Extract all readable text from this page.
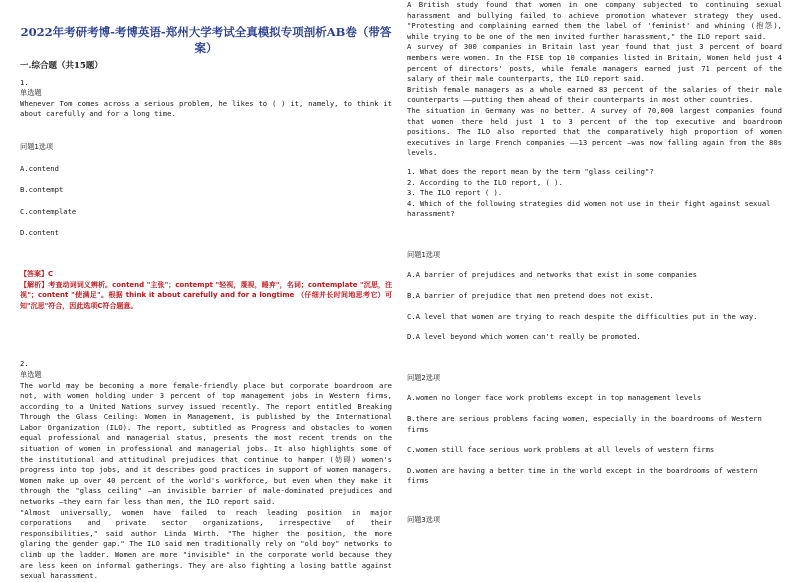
2022年考研考博-考博英语-郑州大学考试全真模拟专项剖析AB卷（带答案）
一.综合题（共15题）
1.
单选题
Whenever Tom comes across a serious problem, he likes to ( ) it, namely, to think it about carefully and for a long time.
问题1选项
A.contend
B.contempt
C.contemplate
D.content
【答案】C
【解析】考查动词词义辨析。contend "主张"；contempt "轻视，蔑视，睡弃"，名词；contemplate "沉思，注视"；content "使满足"。根据 think it about carefully and for a longtime （仔细并长时间地思考它）可知"沉思"符合，因此选项C符合题意。
2.
单选题
The world may be becoming a more female-friendly place but corporate boardroom are not, with women holding under 3 percent of top management jobs in Western firms, according to a United Nations survey issued recently. The report entitled Breaking Through the Glass Ceiling: Women in Management, is published by the International Labor Organization (ILO). The report, subtitled as Progress and obstacles to women equal professional and managerial status, presents the most recent trends on the situation of women in professional and managerial jobs. It also highlights some of the institutional and attitudinal prejudices that continue to hamper (妨碍) women's progress into top jobs, and it describes good practices in support of women managers. Women make up over 40 percent of the world's workforce, but even when they make it through the "glass ceiling" —an invisible barrier of male-dominated prejudices and networks —they earn far less than men, the ILO report said.
"Almost universally, women have failed to reach leading position in major corporations and private sector organizations, irrespective of their responsibilities," said author Linda Wirth. "The higher the position, the more glaring the gender gap." The ILO said men traditionally rely on "old boy" networks to climb up the ladder. Women are more "invisible" in the corporate world because they are less keen on informal gatherings. They are also fighting a losing battle against sexual harassment.
A British study found that women in one company subjected to continuing sexual harassment and bullying failed to achieve promotion whatever strategy they used. "Protesting and complaining earned them the label of 'feminist' and whining (抱怨), while trying to be one of the men invited further harassment," the ILO report said.
A survey of 300 companies in Britain last year found that just 3 percent of board members were women. In the FISE top 10 companies listed in Britain, Women held just 4 percent of directors' posts, while female managers earned just 71 percent of the salary of their male counterparts, the ILO report said.
British female managers as a whole earned 83 percent of the salaries of their male counterparts ——putting them ahead of their counterparts in most other countries.
The situation in Germany was no better. A survey of 70,000 largest companies found that women there held just 1 to 3 percent of the top executive and boardroom positions. The ILO also reported that the comparatively high proportion of women executives in large French companies ——13 percent —was now falling again from the 80s levels.
1. What does the report mean by the term "glass ceiling"?
2. According to the ILO report, ( ).
3. The ILO report ( ).
4. Which of the following strategies did women not use in their fight against sexual harassment?
问题1选项
A.A barrier of prejudices and networks that exist in some companies
B.A barrier of prejudice that men pretend does not exist.
C.A level that women are trying to reach despite the difficulties put in the way.
D.A level beyond which women can't really be promoted.
问题2选项
A.women no longer face work problems except in top management levels
B.there are serious problems facing women, especially in the boardrooms of Western firms
C.women still face serious work problems at all levels of western firms
D.women are having a better time in the world except in the boardrooms of western firms
问题3选项
